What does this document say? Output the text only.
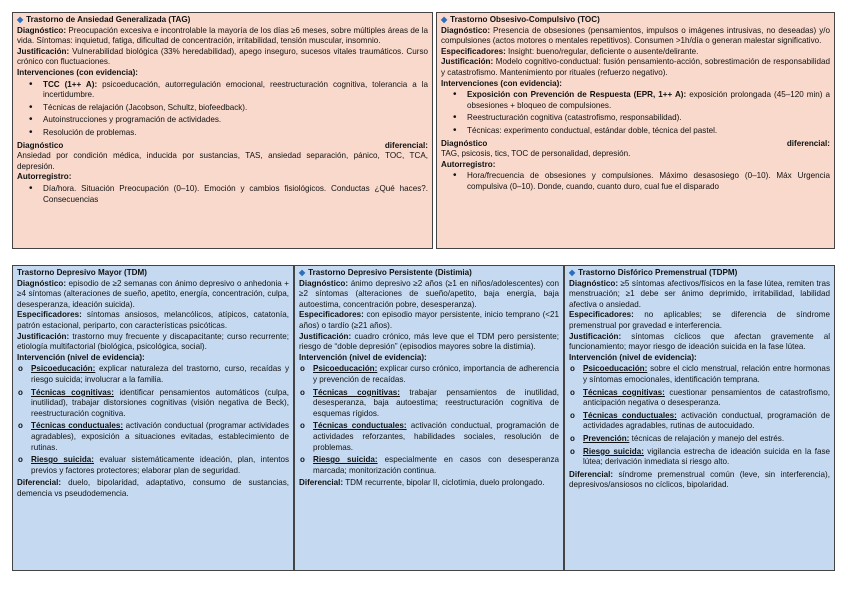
◆ Trastorno de Ansiedad Generalizada (TAG)

Diagnóstico: Preocupación excesiva e incontrolable la mayoría de los días ≥6 meses, sobre múltiples áreas de la vida. Síntomas: inquietud, fatiga, dificultad de concentración, irritabilidad, tensión muscular, insomnio.

Justificación: Vulnerabilidad biológica (33% heredabilidad), apego inseguro, sucesos vitales traumáticos. Curso crónico con fluctuaciones.

Intervenciones (con evidencia):
• TCC (1++ A): psicoeducación, autorregulación emocional, reestructuración cognitiva, tolerancia a la incertidumbre.
• Técnicas de relajación (Jacobson, Schultz, biofeedback).
• Autoinstrucciones y programación de actividades.
• Resolución de problemas.
Diagnóstico	diferencial:

Ansiedad por condición médica, inducida por sustancias, TAS, ansiedad separación, pánico, TOC, TCA, depresión.

Autorregistro:
• Día/hora. Situación Preocupación (0–10). Emoción y cambios fisiológicos. Conductas ¿Qué haces?. Consecuencias
◆ Trastorno Obsesivo-Compulsivo (TOC)

Diagnóstico: Presencia de obsesiones (pensamientos, impulsos o imágenes intrusivas, no deseadas) y/o compulsiones (actos motores o mentales repetitivos). Consumen >1h/día o generan malestar significativo.

Especificadores: Insight: bueno/regular, deficiente o ausente/delirante.

Justificación: Modelo cognitivo-conductual: fusión pensamiento-acción, sobrestimación de responsabilidad y catastrofismo. Mantenimiento por rituales (refuerzo negativo).

Intervenciones (con evidencia):
• Exposición con Prevención de Respuesta (EPR, 1++ A): exposición prolongada (45–120 min) a obsesiones + bloqueo de compulsiones.
• Reestructuración cognitiva (catastrofismo, responsabilidad).
• Técnicas: experimento conductual, estándar doble, técnica del pastel.
Diagnóstico	diferencial:

TAG, psicosis, tics, TOC de personalidad, depresión.

Autorregistro:
• Hora/frecuencia de obsesiones y compulsiones. Máximo desasosiego (0–10). Máx Urgencia compulsiva (0–10). Donde, cuando, cuanto duro, cual fue el disparado
Trastorno Depresivo Mayor (TDM)

Diagnóstico: episodio de ≥2 semanas con ánimo depresivo o anhedonia + ≥4 síntomas (alteraciones de sueño, apetito, energía, concentración, culpa, desesperanza, ideación suicida).

Especificadores: síntomas ansiosos, melancólicos, atípicos, catatonía, patrón estacional, periparto, con características psicóticas.

Justificación: trastorno muy frecuente y discapacitante; curso recurrente; etiología multifactorial (biológica, psicológica, social).

Intervención (nivel de evidencia):
o Psicoeducación: explicar naturaleza del trastorno, curso, recaídas y riesgo suicida; involucrar a la familia.
o Técnicas cognitivas: identificar pensamientos automáticos (culpa, inutilidad), trabajar distorsiones cognitivas (visión negativa de Beck), reestructuración cognitiva.
o Técnicas conductuales: activación conductual (programar actividades agradables), exposición a situaciones evitadas, establecimiento de rutinas.
o Riesgo suicida: evaluar sistemáticamente ideación, plan, intentos previos y factores protectores; elaborar plan de seguridad.

Diferencial: duelo, bipolaridad, adaptativo, consumo de sustancias, demencia vs pseudodemencia.

◆ Trastorno Depresivo Persistente (Distimia)

Diagnóstico: ánimo depresivo ≥2 años (≥1 en niños/adolescentes) con ≥2 síntomas (alteraciones de sueño/apetito, baja energía, baja autoestima, concentración pobre, desesperanza).

Especificadores: con episodio mayor persistente, inicio temprano (<21 años) o tardío (≥21 años).

Justificación: cuadro crónico, más leve que el TDM pero persistente; riesgo de “doble depresión” (episodios mayores sobre la distimia).

Intervención (nivel de evidencia):
o Psicoeducación: explicar curso crónico, importancia de adherencia y prevención de recaídas.
o Técnicas cognitivas: trabajar pensamientos de inutilidad, desesperanza, baja autoestima; reestructuración cognitiva de esquemas rígidos.
o Técnicas conductuales: activación conductual, programación de actividades reforzantes, habilidades sociales, resolución de problemas.
o Riesgo suicida: especialmente en casos con desesperanza marcada; monitorización continua.

Diferencial: TDM recurrente, bipolar II, ciclotimia, duelo prolongado.

◆ Trastorno Disfórico Premenstrual (TDPM)

Diagnóstico: ≥5 síntomas afectivos/físicos en la fase lútea, remiten tras menstruación; ≥1 debe ser ánimo deprimido, irritabilidad, labilidad afectiva o ansiedad.

Especificadores: no aplicables; se diferencia de síndrome premenstrual por gravedad e interferencia.

Justificación: síntomas cíclicos que afectan gravemente al funcionamiento; mayor riesgo de ideación suicida en la fase lútea.

Intervención (nivel de evidencia):
o Psicoeducación: sobre el ciclo menstrual, relación entre hormonas y síntomas emocionales, identificación temprana.
o Técnicas cognitivas: cuestionar pensamientos de catastrofismo, anticipación negativa o desesperanza.
o Técnicas conductuales: activación conductual, programación de actividades agradables, rutinas de autocuidado.
o Prevención: técnicas de relajación y manejo del estrés.
o Riesgo suicida: vigilancia estrecha de ideación suicida en la fase lútea; derivación inmediata si riesgo alto.

Diferencial: síndrome premenstrual común (leve, sin interferencia), depresivos/ansiosos no cíclicos, bipolaridad.
